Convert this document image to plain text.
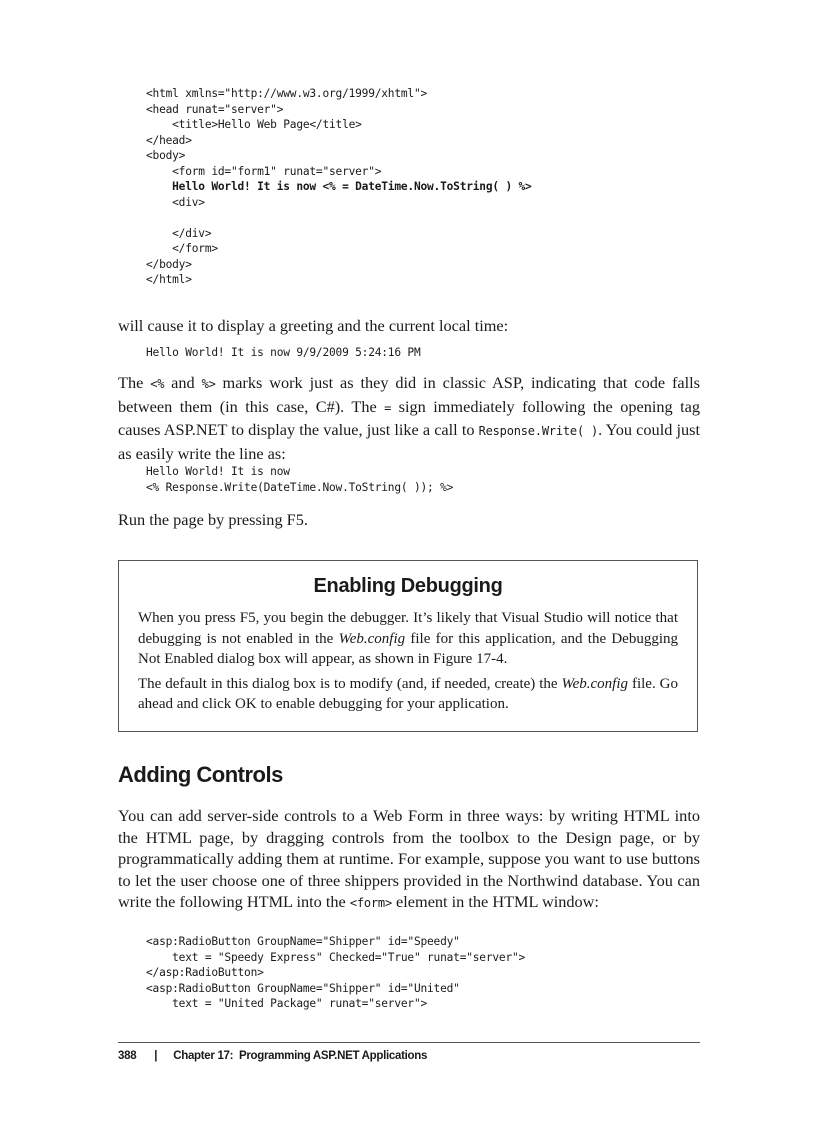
<html xmlns="http://www.w3.org/1999/xhtml">
<head runat="server">
<title>Hello Web Page</title>
</head>
<body>
<form id="form1" runat="server">
Hello World! It is now <% = DateTime.Now.ToString( ) %>
<div>
</div>
</form>
</body>
</html>

will cause it to display a greeting and the current local time:

Hello World! It is now 9/9/2009 5:24:16 PM

The <% and %> marks work just as they did in classic ASP, indicating that code falls between them (in this case, C#). The = sign immediately following the opening tag causes ASP.NET to display the value, just like a call to Response.Write( ). You could just as easily write the line as:

Hello World! It is now
<% Response.Write(DateTime.Now.ToString( )); %>

Run the page by pressing F5.

Enabling Debugging

When you press F5, you begin the debugger. It’s likely that Visual Studio will notice that debugging is not enabled in the Web.config file for this application, and the Debugging Not Enabled dialog box will appear, as shown in Figure 17-4.

The default in this dialog box is to modify (and, if needed, create) the Web.config file. Go ahead and click OK to enable debugging for your application.

Adding Controls

You can add server-side controls to a Web Form in three ways: by writing HTML into the HTML page, by dragging controls from the toolbox to the Design page, or by programmatically adding them at runtime. For example, suppose you want to use buttons to let the user choose one of three shippers provided in the Northwind database. You can write the following HTML into the <form> element in the HTML window:

<asp:RadioButton GroupName="Shipper" id="Speedy"
text = "Speedy Express" Checked="True" runat="server">
</asp:RadioButton>
<asp:RadioButton GroupName="Shipper" id="United"
text = "United Package" runat="server">
388 | Chapter 17:  Programming ASP.NET Applications
